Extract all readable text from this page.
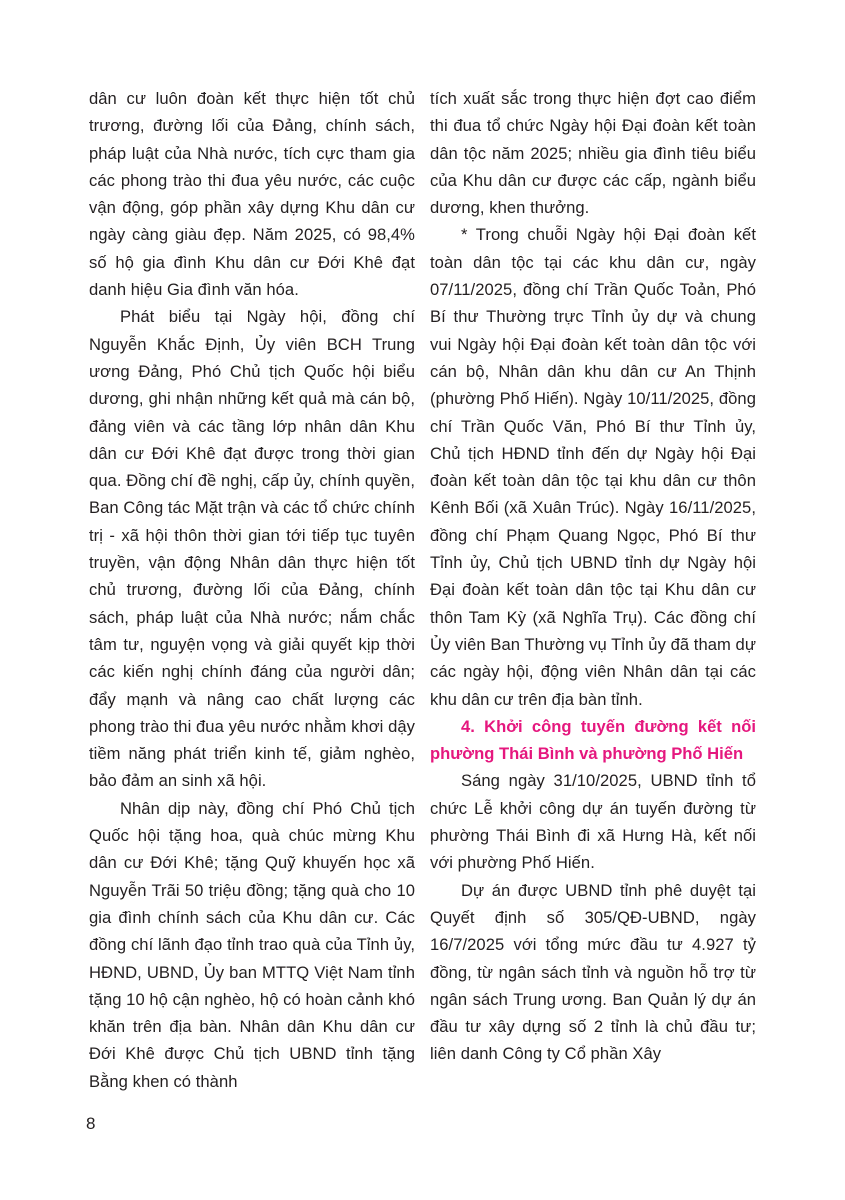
dân cư luôn đoàn kết thực hiện tốt chủ trương, đường lối của Đảng, chính sách, pháp luật của Nhà nước, tích cực tham gia các phong trào thi đua yêu nước, các cuộc vận động, góp phần xây dựng Khu dân cư ngày càng giàu đẹp. Năm 2025, có 98,4% số hộ gia đình Khu dân cư Đới Khê đạt danh hiệu Gia đình văn hóa.

Phát biểu tại Ngày hội, đồng chí Nguyễn Khắc Định, Ủy viên BCH Trung ương Đảng, Phó Chủ tịch Quốc hội biểu dương, ghi nhận những kết quả mà cán bộ, đảng viên và các tầng lớp nhân dân Khu dân cư Đới Khê đạt được trong thời gian qua. Đồng chí đề nghị, cấp ủy, chính quyền, Ban Công tác Mặt trận và các tổ chức chính trị - xã hội thôn thời gian tới tiếp tục tuyên truyền, vận động Nhân dân thực hiện tốt chủ trương, đường lối của Đảng, chính sách, pháp luật của Nhà nước; nắm chắc tâm tư, nguyện vọng và giải quyết kịp thời các kiến nghị chính đáng của người dân; đẩy mạnh và nâng cao chất lượng các phong trào thi đua yêu nước nhằm khơi dậy tiềm năng phát triển kinh tế, giảm nghèo, bảo đảm an sinh xã hội.

Nhân dịp này, đồng chí Phó Chủ tịch Quốc hội tặng hoa, quà chúc mừng Khu dân cư Đới Khê; tặng Quỹ khuyến học xã Nguyễn Trãi 50 triệu đồng; tặng quà cho 10 gia đình chính sách của Khu dân cư. Các đồng chí lãnh đạo tỉnh trao quà của Tỉnh ủy, HĐND, UBND, Ủy ban MTTQ Việt Nam tỉnh tặng 10 hộ cận nghèo, hộ có hoàn cảnh khó khăn trên địa bàn. Nhân dân Khu dân cư Đới Khê được Chủ tịch UBND tỉnh tặng Bằng khen có thành

tích xuất sắc trong thực hiện đợt cao điểm thi đua tổ chức Ngày hội Đại đoàn kết toàn dân tộc năm 2025; nhiều gia đình tiêu biểu của Khu dân cư được các cấp, ngành biểu dương, khen thưởng.

* Trong chuỗi Ngày hội Đại đoàn kết toàn dân tộc tại các khu dân cư, ngày 07/11/2025, đồng chí Trần Quốc Toản, Phó Bí thư Thường trực Tỉnh ủy dự và chung vui Ngày hội Đại đoàn kết toàn dân tộc với cán bộ, Nhân dân khu dân cư An Thịnh (phường Phố Hiến). Ngày 10/11/2025, đồng chí Trần Quốc Văn, Phó Bí thư Tỉnh ủy, Chủ tịch HĐND tỉnh đến dự Ngày hội Đại đoàn kết toàn dân tộc tại khu dân cư thôn Kênh Bối (xã Xuân Trúc). Ngày 16/11/2025, đồng chí Phạm Quang Ngọc, Phó Bí thư Tỉnh ủy, Chủ tịch UBND tỉnh dự Ngày hội Đại đoàn kết toàn dân tộc tại Khu dân cư thôn Tam Kỳ (xã Nghĩa Trụ). Các đồng chí Ủy viên Ban Thường vụ Tỉnh ủy đã tham dự các ngày hội, động viên Nhân dân tại các khu dân cư trên địa bàn tỉnh.

4. Khởi công tuyến đường kết nối phường Thái Bình và phường Phố Hiến

Sáng ngày 31/10/2025, UBND tỉnh tổ chức Lễ khởi công dự án tuyến đường từ phường Thái Bình đi xã Hưng Hà, kết nối với phường Phố Hiến.

Dự án được UBND tỉnh phê duyệt tại Quyết định số 305/QĐ-UBND, ngày 16/7/2025 với tổng mức đầu tư 4.927 tỷ đồng, từ ngân sách tỉnh và nguồn hỗ trợ từ ngân sách Trung ương. Ban Quản lý dự án đầu tư xây dựng số 2 tỉnh là chủ đầu tư; liên danh Công ty Cổ phần Xây

8
